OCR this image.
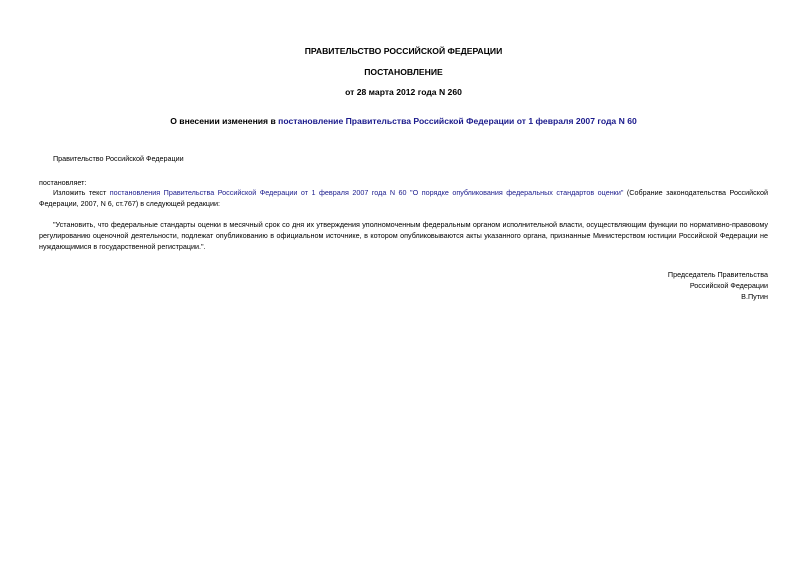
ПРАВИТЕЛЬСТВО РОССИЙСКОЙ ФЕДЕРАЦИИ
ПОСТАНОВЛЕНИЕ
от 28 марта 2012 года N 260
О внесении изменения в постановление Правительства Российской Федерации от 1 февраля 2007 года N 60
Правительство Российской Федерации
постановляет:
Изложить текст постановления Правительства Российской Федерации от 1 февраля 2007 года N 60 "О порядке опубликования федеральных стандартов оценки" (Собрание законодательства Российской Федерации, 2007, N 6, ст.767) в следующей редакции:
"Установить, что федеральные стандарты оценки в месячный срок со дня их утверждения уполномоченным федеральным органом исполнительной власти, осуществляющим функции по нормативно-правовому регулированию оценочной деятельности, подлежат опубликованию в официальном источнике, в котором опубликовываются акты указанного органа, признанные Министерством юстиции Российской Федерации не нуждающимися в государственной регистрации.".
Председатель Правительства
Российской Федерации
В.Путин
